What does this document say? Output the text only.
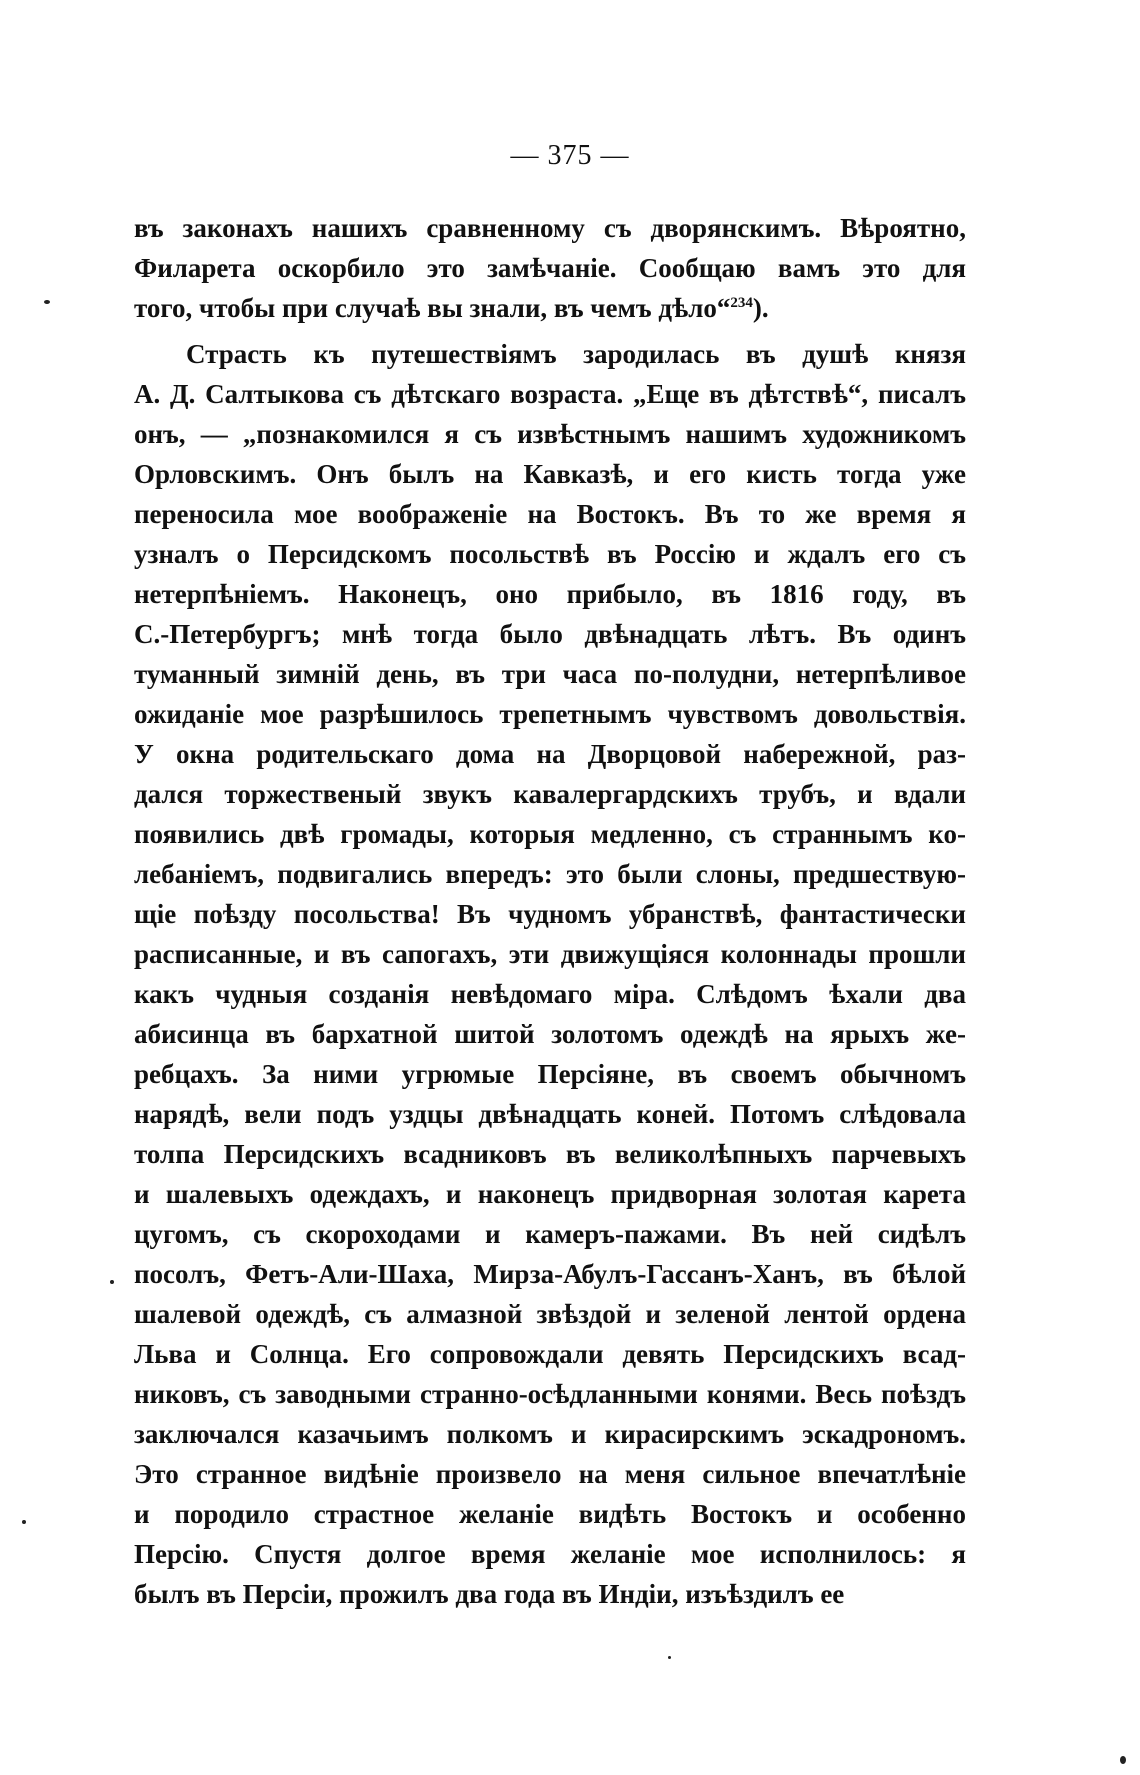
— 375 —
въ законахъ нашихъ сравненному съ дворянскимъ. Вѣроятно,
Филарета оскорбило это замѣчаніе. Сообщаю вамъ это для
того, чтобы при случаѣ вы знали, въ чемъ дѣло“$^{234}$).
Страсть къ путешествіямъ зародилась въ душѣ князя
А. Д. Салтыкова съ дѣтскаго возраста. „Еще въ дѣтствѣ“, писалъ
онъ, — „познакомился я съ извѣстнымъ нашимъ художникомъ
Орловскимъ. Онъ былъ на Кавказѣ, и его кисть тогда уже
переносила мое воображеніе на Востокъ. Въ то же время я
узналъ о Персидскомъ посольствѣ въ Россію и ждалъ его съ
нетерпѣніемъ. Наконецъ, оно прибыло, въ 1816 году, въ
С.-Петербургъ; мнѣ тогда было двѣнадцать лѣтъ. Въ одинъ
туманный зимній день, въ три часа по-полудни, нетерпѣливое
ожиданіе мое разрѣшилось трепетнымъ чувствомъ довольствія.
У окна родительскаго дома на Дворцовой набережной, раз-
дался торжественый звукъ кавалергардскихъ трубъ, и вдали
появились двѣ громады, которыя медленно, съ страннымъ ко-
лебаніемъ, подвигались впередъ: это были слоны, предшествую-
щіе поѣзду посольства! Въ чудномъ убранствѣ, фантастически
расписанные, и въ сапогахъ, эти движущіяся колоннады прошли
какъ чудныя созданія невѣдомаго міра. Слѣдомъ ѣхали два
абисинца въ бархатной шитой золотомъ одеждѣ на ярыхъ же-
ребцахъ. За ними угрюмые Персіяне, въ своемъ обычномъ
нарядѣ, вели подъ уздцы двѣнадцать коней. Потомъ слѣдовала
толпа Персидскихъ всадниковъ въ великолѣпныхъ парчевыхъ
и шалевыхъ одеждахъ, и наконецъ придворная золотая карета
цугомъ, съ скороходами и камеръ-пажами. Въ ней сидѣлъ
посолъ, Фетъ-Али-Шаха, Мирза-Абулъ-Гассанъ-Ханъ, въ бѣлой
шалевой одеждѣ, съ алмазной звѣздой и зеленой лентой ордена
Льва и Солнца. Его сопровождали девять Персидскихъ всад-
никовъ, съ заводными странно-осѣдланными конями. Весь поѣздъ
заключался казачьимъ полкомъ и кирасирскимъ эскадрономъ.
Это странное видѣніе произвело на меня сильное впечатлѣніе
и породило страстное желаніе видѣть Востокъ и особенно
Персію. Спустя долгое время желаніе мое исполнилось: я
былъ въ Персіи, прожилъ два года въ Индіи, изъѣздилъ ее
